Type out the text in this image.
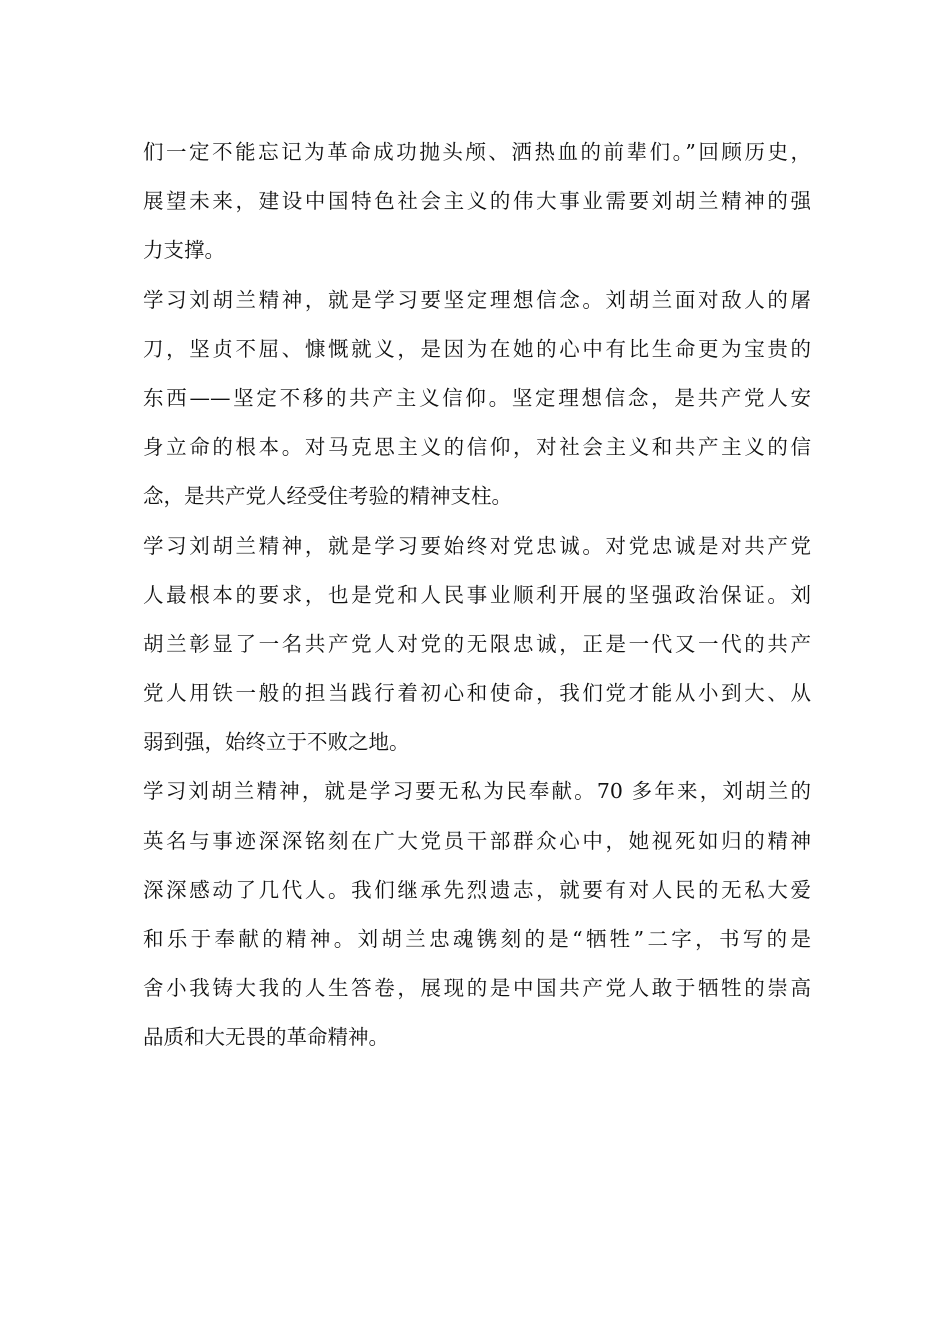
们一定不能忘记为革命成功抛头颅、洒热血的前辈们。”回顾历史，
展望未来，建设中国特色社会主义的伟大事业需要刘胡兰精神的强
力支撑。
学习刘胡兰精神，就是学习要坚定理想信念。刘胡兰面对敌人的屠
刀，坚贞不屈、慷慨就义，是因为在她的心中有比生命更为宝贵的
东西——坚定不移的共产主义信仰。坚定理想信念，是共产党人安
身立命的根本。对马克思主义的信仰，对社会主义和共产主义的信
念，是共产党人经受住考验的精神支柱。
学习刘胡兰精神，就是学习要始终对党忠诚。对党忠诚是对共产党
人最根本的要求，也是党和人民事业顺利开展的坚强政治保证。刘
胡兰彰显了一名共产党人对党的无限忠诚，正是一代又一代的共产
党人用铁一般的担当践行着初心和使命，我们党才能从小到大、从
弱到强，始终立于不败之地。
学习刘胡兰精神，就是学习要无私为民奉献。70 多年来，刘胡兰的
英名与事迹深深铭刻在广大党员干部群众心中，她视死如归的精神
深深感动了几代人。我们继承先烈遗志，就要有对人民的无私大爱
和乐于奉献的精神。刘胡兰忠魂镌刻的是“牺牲”二字，书写的是
舍小我铸大我的人生答卷，展现的是中国共产党人敢于牺牲的崇高
品质和大无畏的革命精神。
